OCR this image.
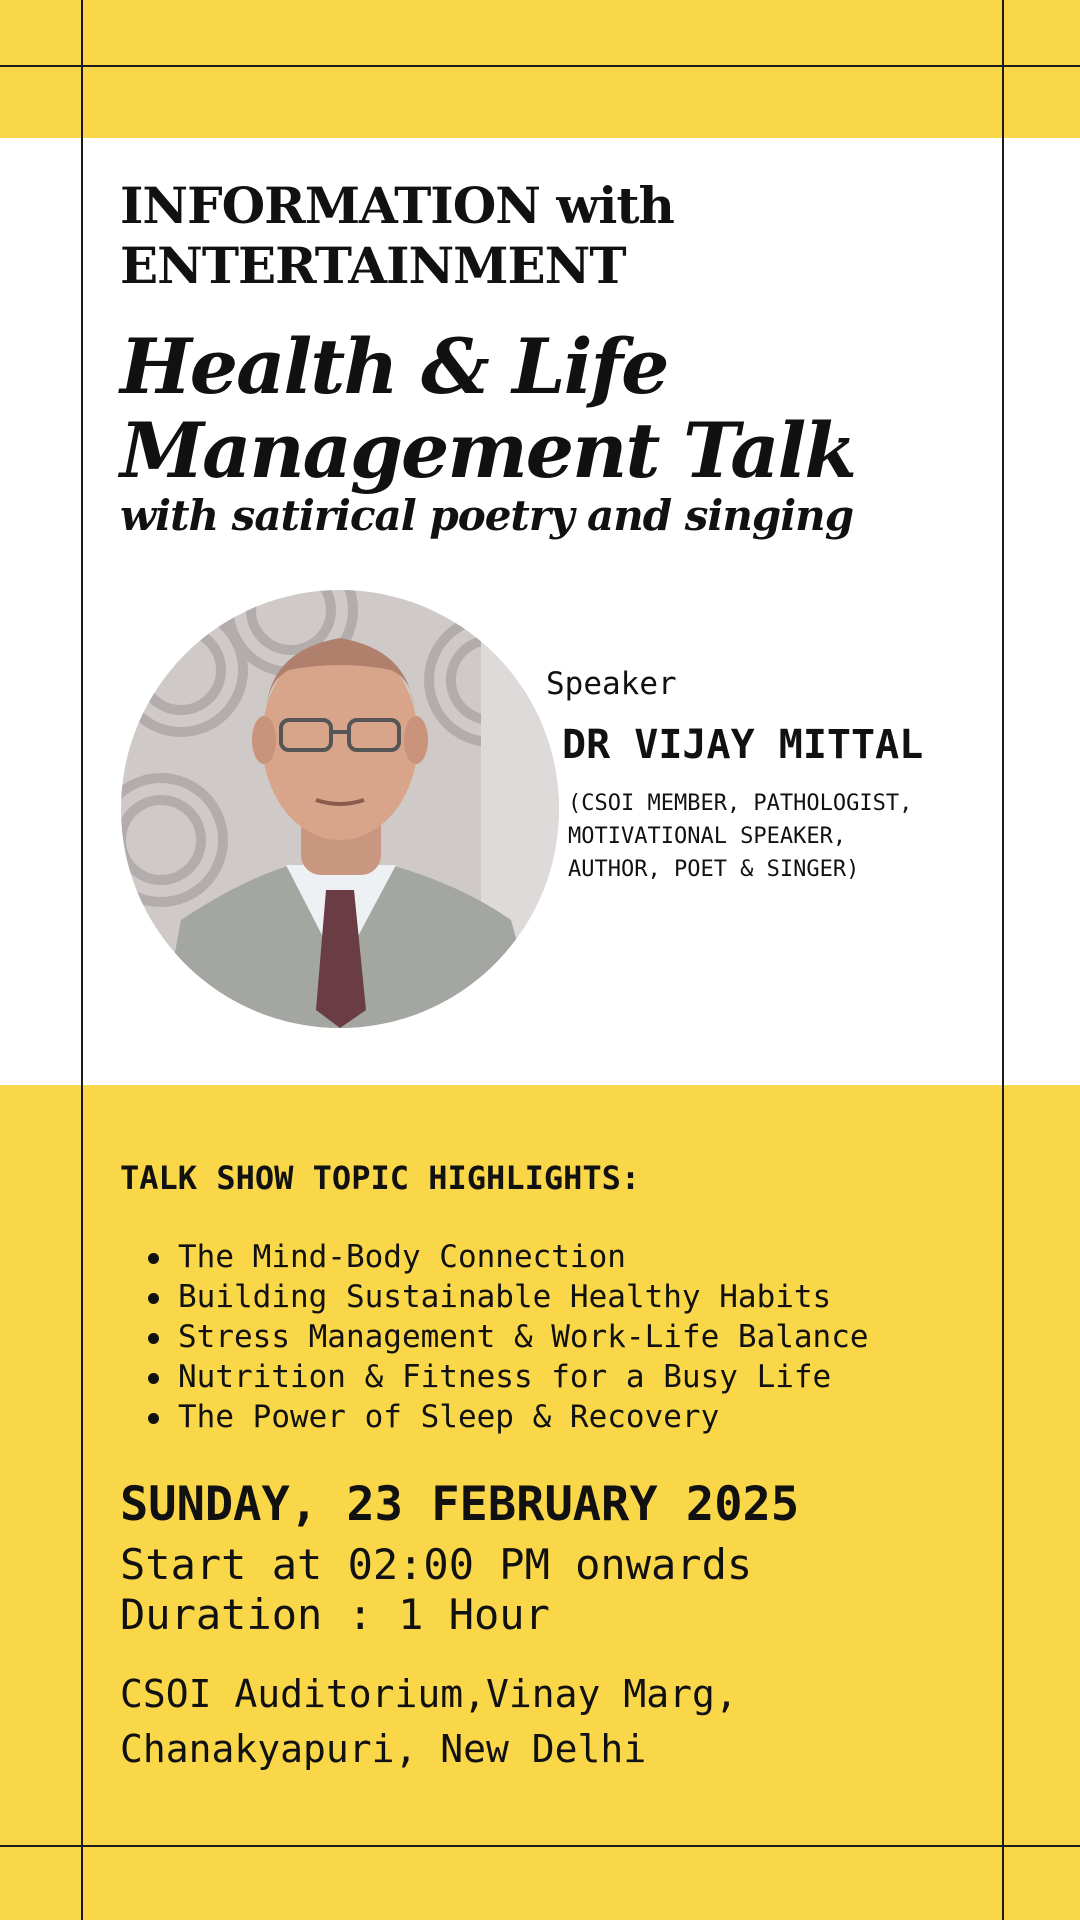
INFORMATION with
ENTERTAINMENT
Health & Life
Management Talk
with satirical poetry and singing
Speaker
DR VIJAY MITTAL
(CSOI MEMBER, PATHOLOGIST,
MOTIVATIONAL SPEAKER,
AUTHOR, POET & SINGER)
TALK SHOW TOPIC HIGHLIGHTS:
The Mind-Body Connection
Building Sustainable Healthy Habits
Stress Management & Work-Life Balance
Nutrition & Fitness for a Busy Life
The Power of Sleep & Recovery
SUNDAY, 23 FEBRUARY 2025
Start at 02:00 PM onwards
Duration : 1 Hour
CSOI Auditorium,Vinay Marg,
Chanakyapuri, New Delhi
